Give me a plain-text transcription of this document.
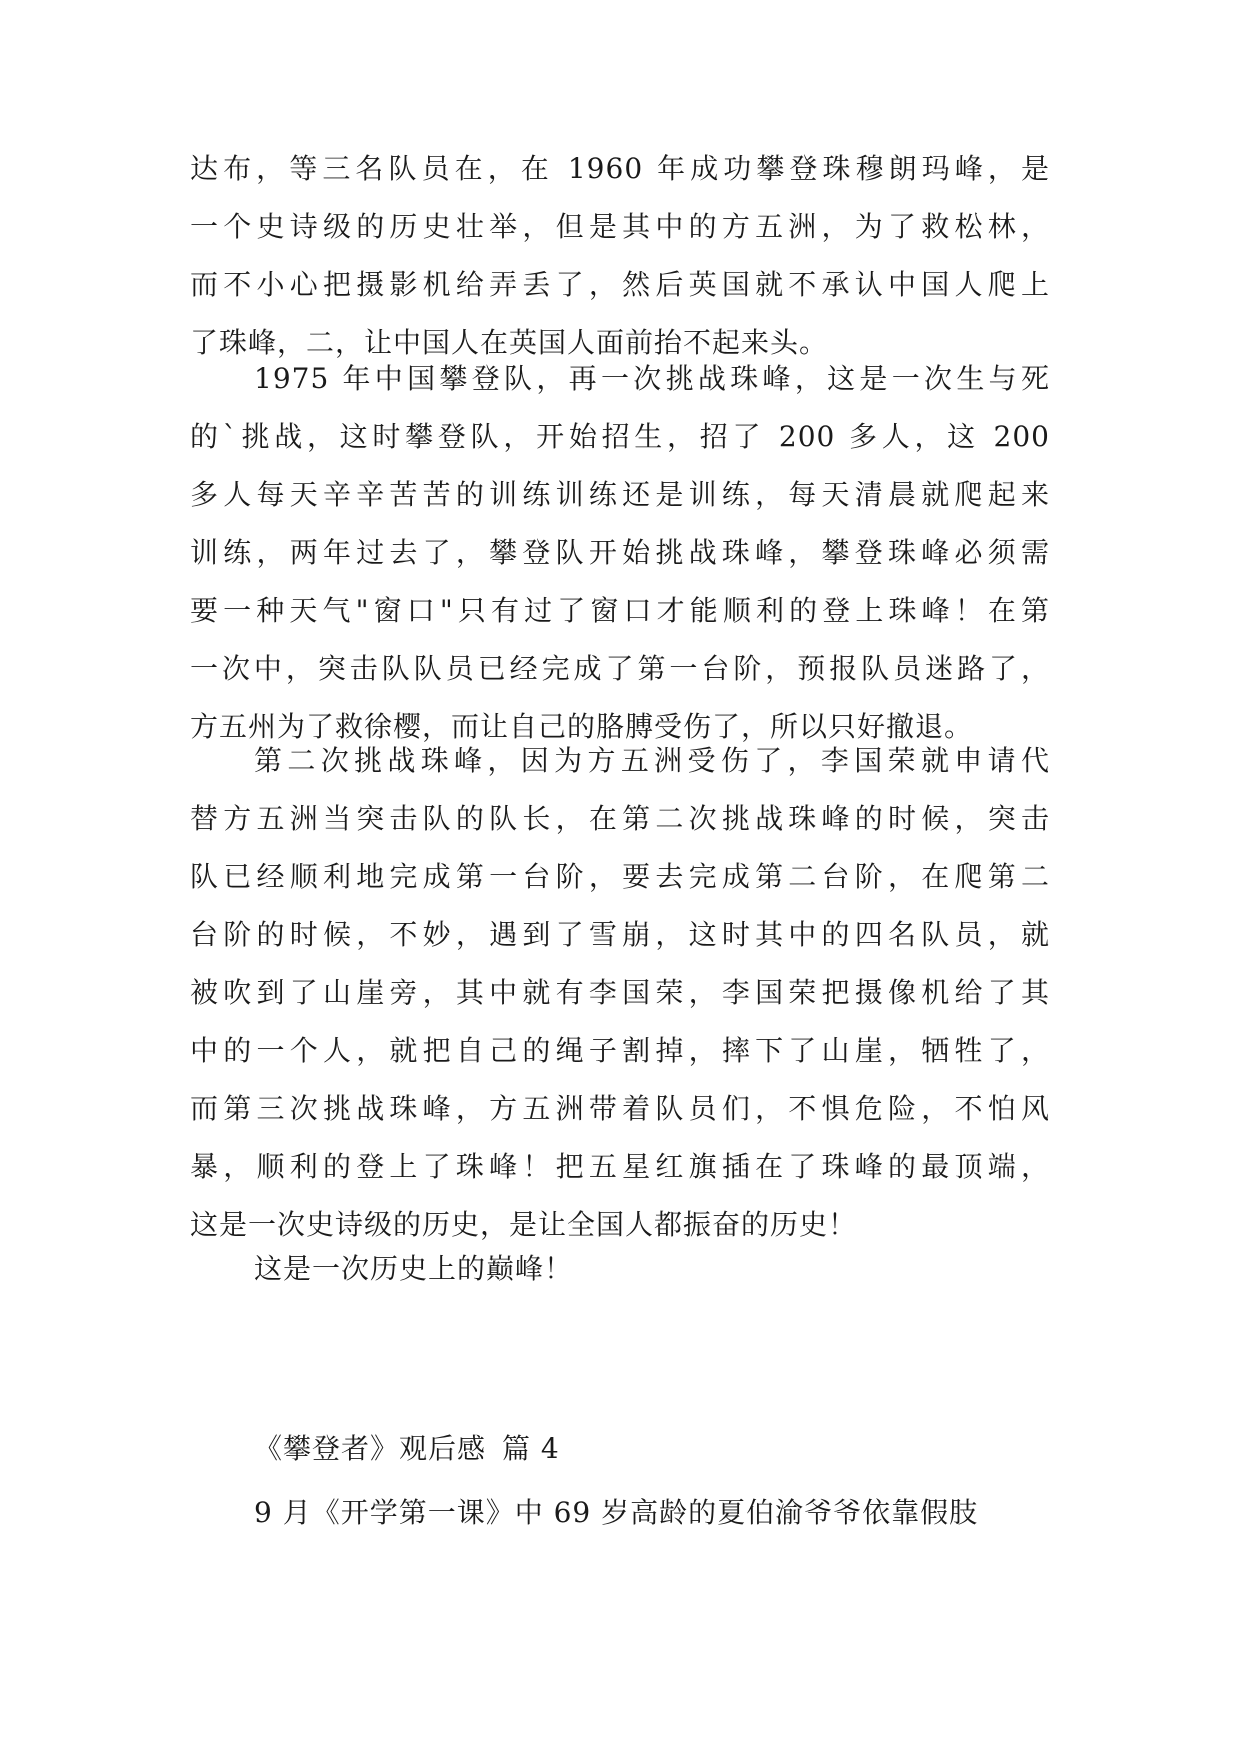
达布，等三名队员在，在 1960 年成功攀登珠穆朗玛峰，是
一个史诗级的历史壮举，但是其中的方五洲，为了救松林，
而不小心把摄影机给弄丢了，然后英国就不承认中国人爬上
了珠峰，二，让中国人在英国人面前抬不起来头。
1975 年中国攀登队，再一次挑战珠峰，这是一次生与死
的`挑战，这时攀登队，开始招生，招了 200 多人，这 200
多人每天辛辛苦苦的训练训练还是训练，每天清晨就爬起来
训练，两年过去了，攀登队开始挑战珠峰，攀登珠峰必须需
要一种天气"窗口"只有过了窗口才能顺利的登上珠峰！在第
一次中，突击队队员已经完成了第一台阶，预报队员迷路了，
方五州为了救徐樱，而让自己的胳膊受伤了，所以只好撤退。
第二次挑战珠峰，因为方五洲受伤了，李国荣就申请代
替方五洲当突击队的队长，在第二次挑战珠峰的时候，突击
队已经顺利地完成第一台阶，要去完成第二台阶，在爬第二
台阶的时候，不妙，遇到了雪崩，这时其中的四名队员，就
被吹到了山崖旁，其中就有李国荣，李国荣把摄像机给了其
中的一个人，就把自己的绳子割掉，摔下了山崖，牺牲了，
而第三次挑战珠峰，方五洲带着队员们，不惧危险，不怕风
暴，顺利的登上了珠峰！把五星红旗插在了珠峰的最顶端，
这是一次史诗级的历史，是让全国人都振奋的历史！
这是一次历史上的巅峰！
《攀登者》观后感 篇 4
9 月《开学第一课》中 69 岁高龄的夏伯渝爷爷依靠假肢
